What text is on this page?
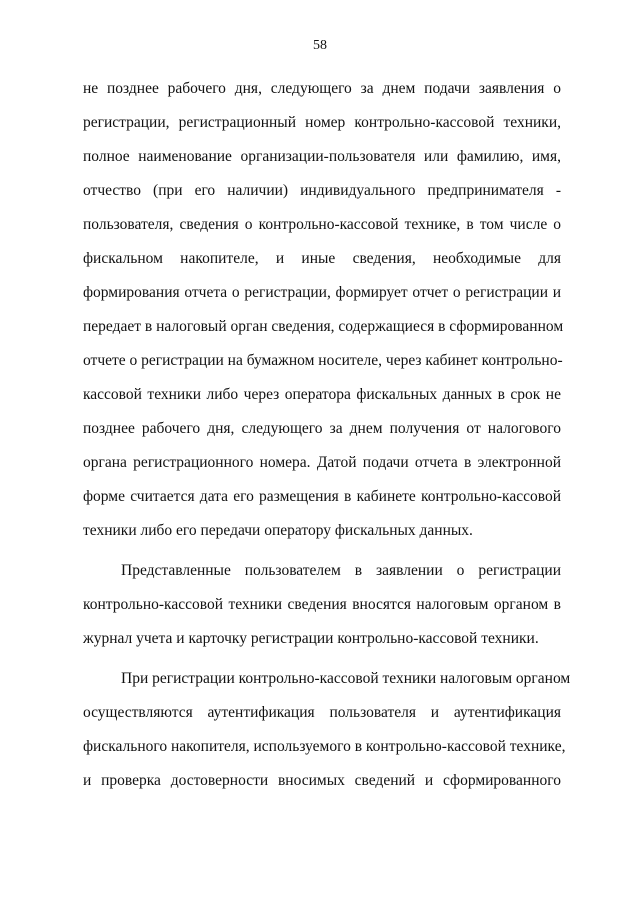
58
не позднее рабочего дня, следующего за днем подачи заявления о
регистрации, регистрационный номер контрольно-кассовой техники,
полное наименование организации-пользователя или фамилию, имя,
отчество (при его наличии) индивидуального предпринимателя -
пользователя, сведения о контрольно-кассовой технике, в том числе о
фискальном накопителе, и иные сведения, необходимые для
формирования отчета о регистрации, формирует отчет о регистрации и
передает в налоговый орган сведения, содержащиеся в сформированном
отчете о регистрации на бумажном носителе, через кабинет контрольно-
кассовой техники либо через оператора фискальных данных в срок не
позднее рабочего дня, следующего за днем получения от налогового
органа регистрационного номера. Датой подачи отчета в электронной
форме считается дата его размещения в кабинете контрольно-кассовой
техники либо его передачи оператору фискальных данных.
Представленные пользователем в заявлении о регистрации
контрольно-кассовой техники сведения вносятся налоговым органом в
журнал учета и карточку регистрации контрольно-кассовой техники.
При регистрации контрольно-кассовой техники налоговым органом
осуществляются аутентификация пользователя и аутентификация
фискального накопителя, используемого в контрольно-кассовой технике,
и проверка достоверности вносимых сведений и сформированного
